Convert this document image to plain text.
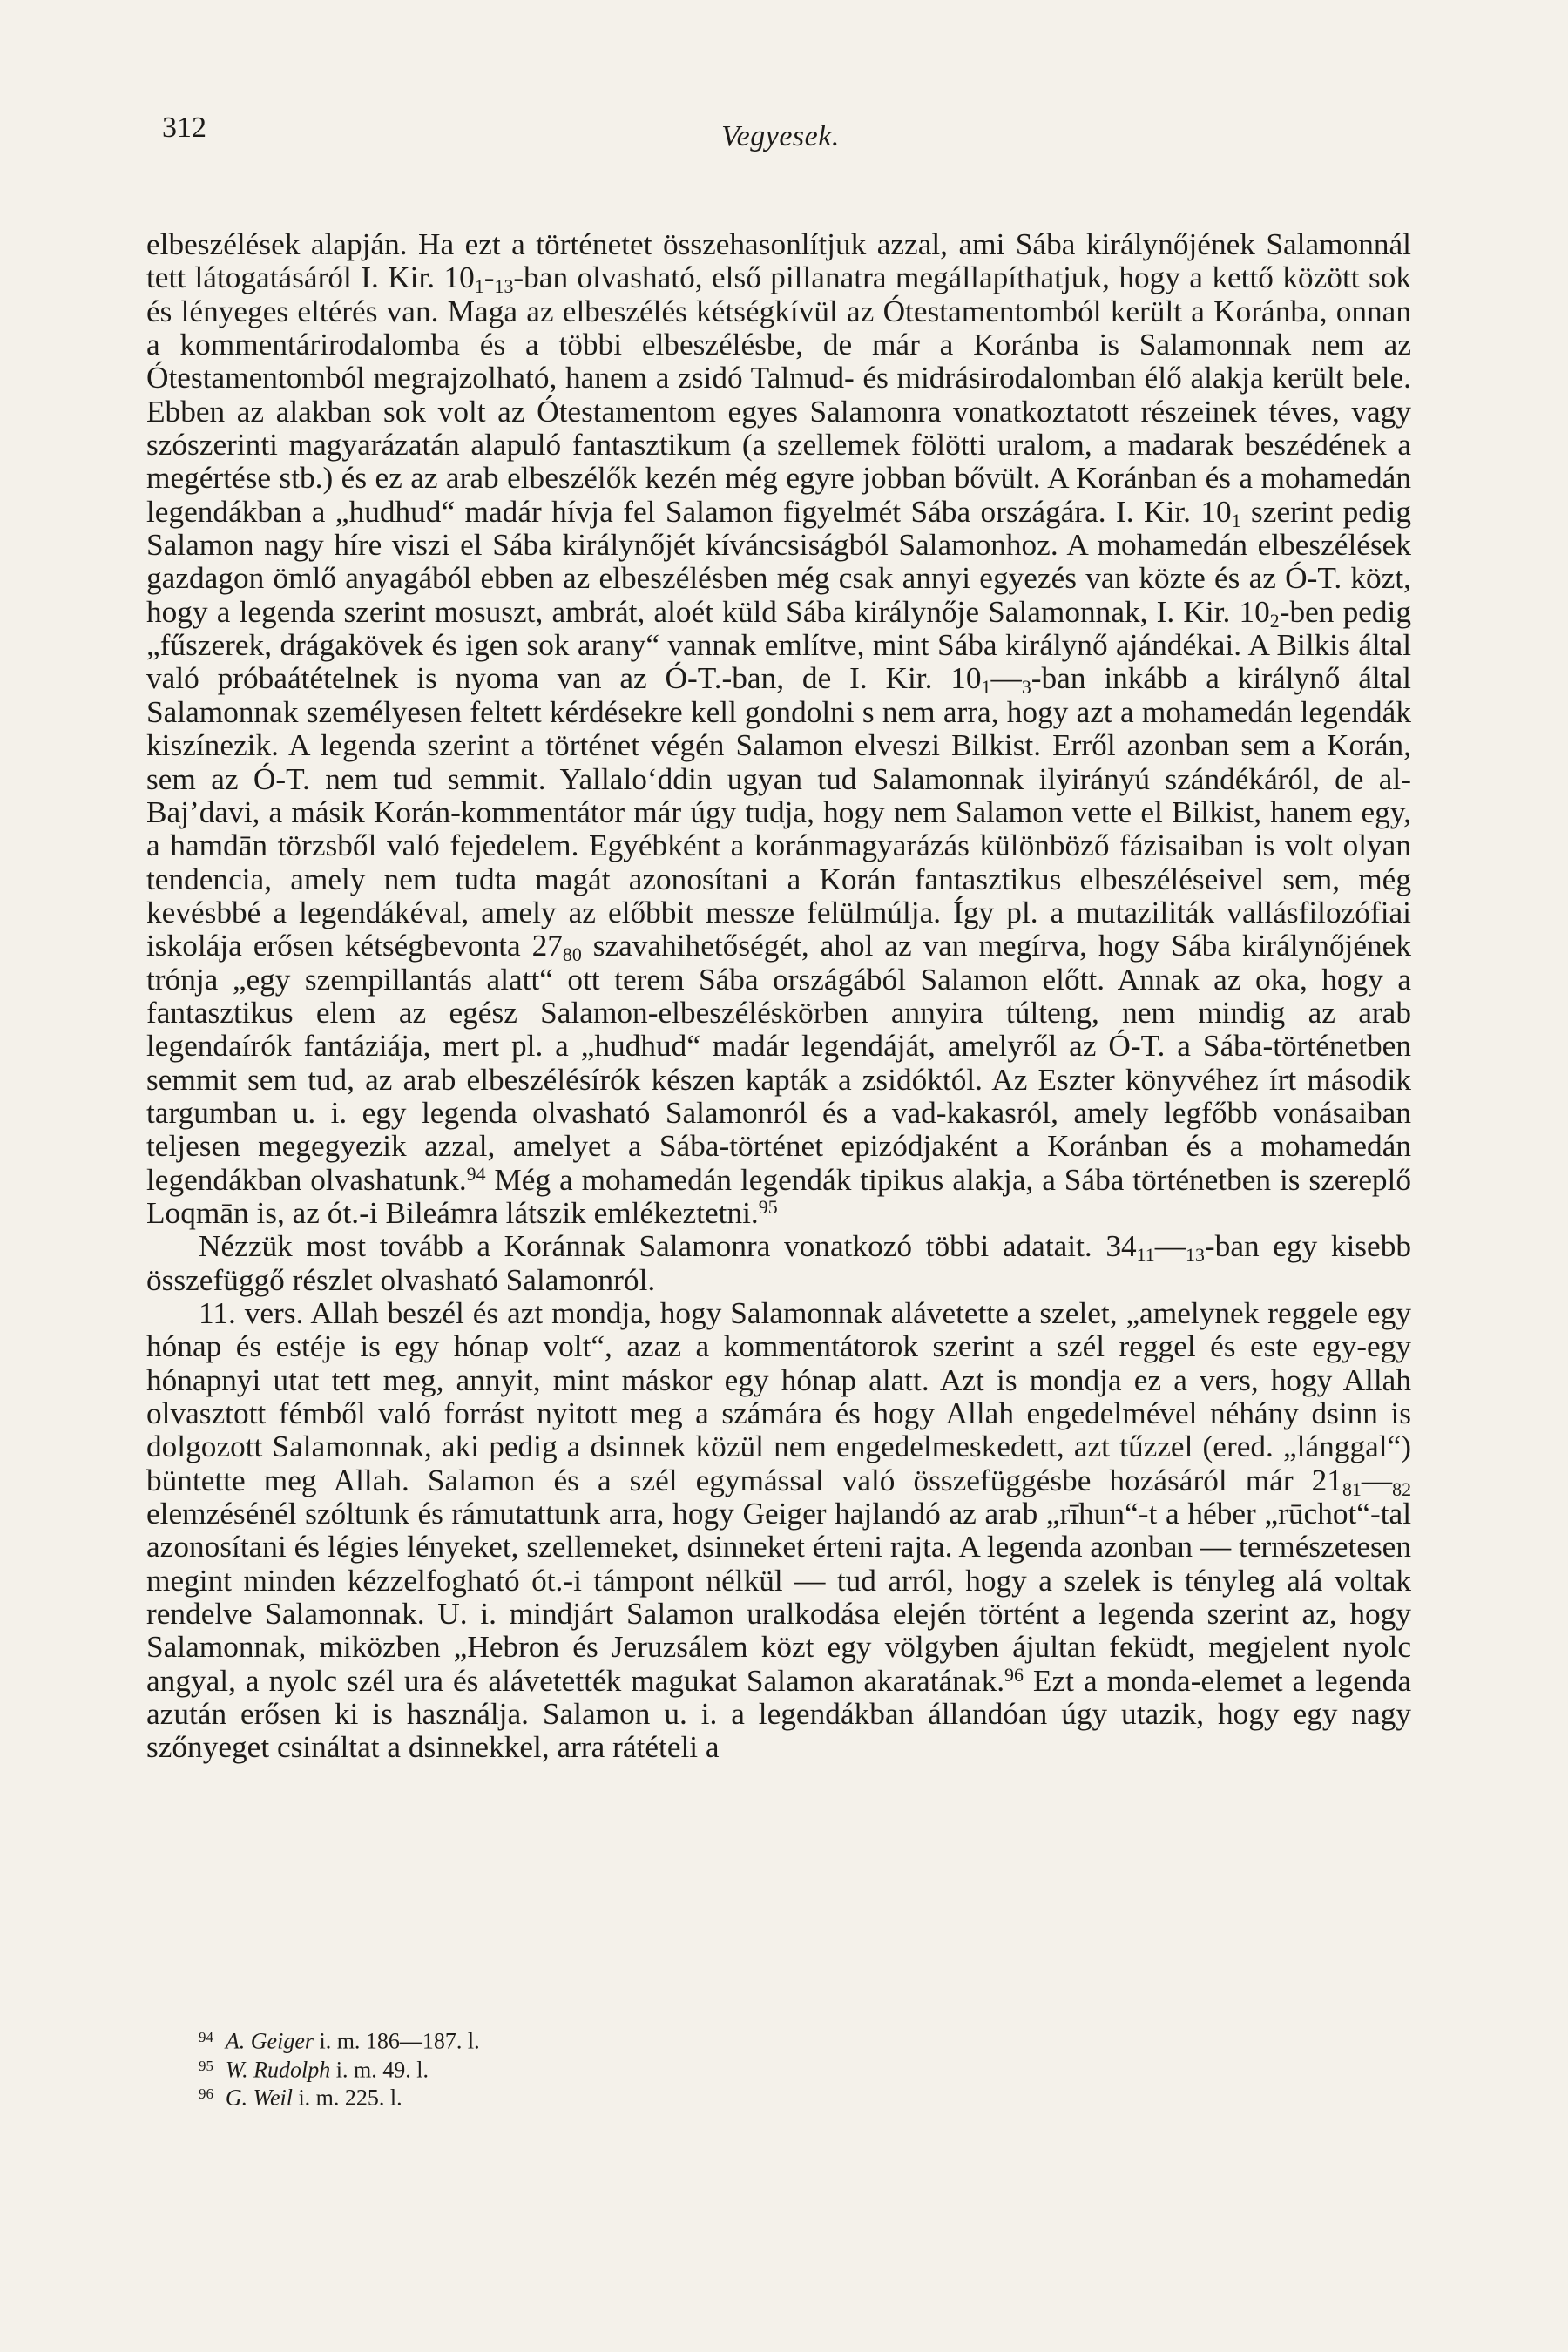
312	Vegyesek.

elbeszélések alapján. Ha ezt a történetet összehasonlítjuk azzal, ami Sába királynőjének Salamonnál tett látogatásáról I. Kir. $10_1-_{13}$-ban olvasható, első pillanatra megállapíthatjuk, hogy a kettő között sok és lényeges eltérés van. Maga az elbeszélés kétségkívül az Ótestamentomból került a Koránba, onnan a kommentárirodalomba és a többi elbeszélésbe, de már a Koránba is Salamonnak nem az Ótestamentomból megrajzolható, hanem a zsidó Talmud- és midrásirodalomban élő alakja került bele. Ebben az alakban sok volt az Ótestamentom egyes Salamonra vonatkoztatott részeinek téves, vagy szószerinti magyarázatán alapuló fantasztikum (a szellemek fölötti uralom, a madarak beszédének a megértése stb.) és ez az arab elbeszélők kezén még egyre jobban bővült. A Koránban és a mohamedán legendákban a „hudhud“ madár hívja fel Salamon figyelmét Sába országára. I. Kir. $10_1$ szerint pedig Salamon nagy híre viszi el Sába királynőjét kíváncsiságból Salamonhoz. A mohamedán elbeszélések gazdagon ömlő anyagából ebben az elbeszélésben még csak annyi egyezés van közte és az Ó-T. közt, hogy a legenda szerint mosuszt, ambrát, aloét küld Sába királynője Salamonnak, I. Kir. $10_2$-ben pedig „fűszerek, drágakövek és igen sok arany“ vannak említve, mint Sába királynő ajándékai. A Bilkis által való próbaátételnek is nyoma van az Ó-T.-ban, de I. Kir. $10_1—_3$-ban inkább a királynő által Salamonnak személyesen feltett kérdésekre kell gondolni s nem arra, hogy azt a mohamedán legendák kiszínezik. A legenda szerint a történet végén Salamon elveszi Bilkist. Erről azonban sem a Korán, sem az Ó-T. nem tud semmit. Yallalo‘ddin ugyan tud Salamonnak ilyirányú szándékáról, de al-Baj’davi, a másik Korán-kommentátor már úgy tudja, hogy nem Salamon vette el Bilkist, hanem egy, a hamdān törzsből való fejedelem. Egyébként a koránmagyarázás különböző fázisaiban is volt olyan tendencia, amely nem tudta magát azonosítani a Korán fantasztikus elbeszéléseivel sem, még kevésbbé a legendákéval, amely az előbbit messze felülmúlja. Így pl. a mutaziliták vallásfilozófiai iskolája erősen kétségbevonta $27_{80}$ szavahihetőségét, ahol az van megírva, hogy Sába királynőjének trónja „egy szempillantás alatt“ ott terem Sába országából Salamon előtt. Annak az oka, hogy a fantasztikus elem az egész Salamon-elbeszéléskörben annyira túlteng, nem mindig az arab legendaírók fantáziája, mert pl. a „hudhud“ madár legendáját, amelyről az Ó-T. a Sába-történetben semmit sem tud, az arab elbeszélésírók készen kapták a zsidóktól. Az Eszter könyvéhez írt második targumban u. i. egy legenda olvasható Salamonról és a vad-kakasról, amely legfőbb vonásaiban teljesen megegyezik azzal, amelyet a Sába-történet epizódjaként a Koránban és a mohamedán legendákban olvashatunk.$^{94}$ Még a mohamedán legendák tipikus alakja, a Sába történetben is szereplő Loqmān is, az ót.-i Bileámra látszik emlékeztetni.$^{95}$

Nézzük most tovább a Koránnak Salamonra vonatkozó többi adatait. $34_{11}—_{13}$-ban egy kisebb összefüggő részlet olvasható Salamonról.

11. vers. Allah beszél és azt mondja, hogy Salamonnak alávetette a szelet, „amelynek reggele egy hónap és estéje is egy hónap volt“, azaz a kommentátorok szerint a szél reggel és este egy-egy hónapnyi utat tett meg, annyit, mint máskor egy hónap alatt. Azt is mondja ez a vers, hogy Allah olvasztott fémből való forrást nyitott meg a számára és hogy Allah engedelmével néhány dsinn is dolgozott Salamonnak, aki pedig a dsinnek közül nem engedelmeskedett, azt tűzzel (ered. „lánggal“) büntette meg Allah. Salamon és a szél egymással való összefüggésbe hozásáról már $21_{81}—_{82}$ elemzésénél szóltunk és rámutattunk arra, hogy Geiger hajlandó az arab „rīhun“-t a héber „rūchot“-tal azonosítani és légies lényeket, szellemeket, dsinneket érteni rajta. A legenda azonban — természetesen megint minden kézzelfogható ót.-i támpont nélkül — tud arról, hogy a szelek is tényleg alá voltak rendelve Salamonnak. U. i. mindjárt Salamon uralkodása elején történt a legenda szerint az, hogy Salamonnak, miközben „Hebron és Jeruzsálem közt egy völgyben ájultan feküdt, megjelent nyolc angyal, a nyolc szél ura és alávetették magukat Salamon akaratának.$^{96}$ Ezt a monda-elemet a legenda azután erősen ki is használja. Salamon u. i. a legendákban állandóan úgy utazik, hogy egy nagy szőnyeget csináltat a dsinnekkel, arra rátételi a

$^{94}$ A. Geiger i. m. 186—187. l.
$^{95}$ W. Rudolph i. m. 49. l.
$^{96}$ G. Weil i. m. 225. l.
